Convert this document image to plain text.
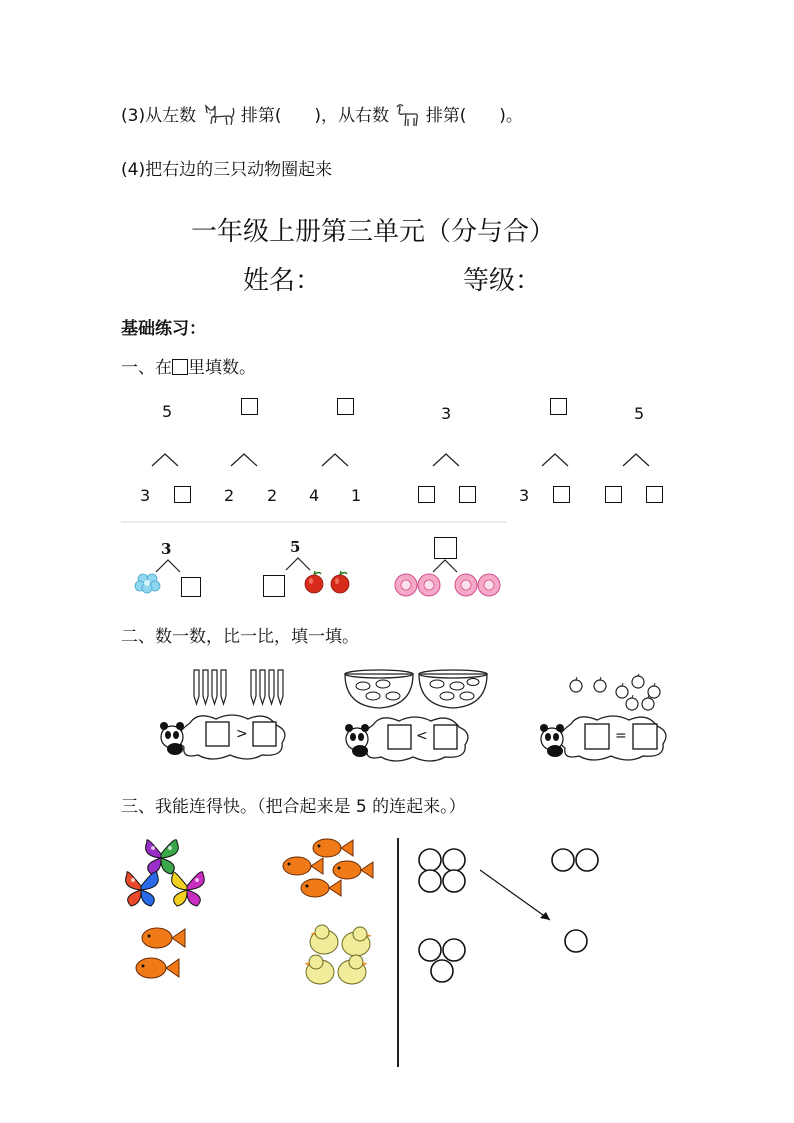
(3)从左数	排第( )，从右数 排第( )。
(4)把右边的三只动物圈起来
一年级上册第三单元（分与合）
姓名：	等级：
基础练习：
一、在 里填数。
5
3	2 2 4 1
3
3
5
3	5
二、数一数，比一比，填一填。
>	<	=
三、我能连得快。（把合起来是 5 的连起来。）
